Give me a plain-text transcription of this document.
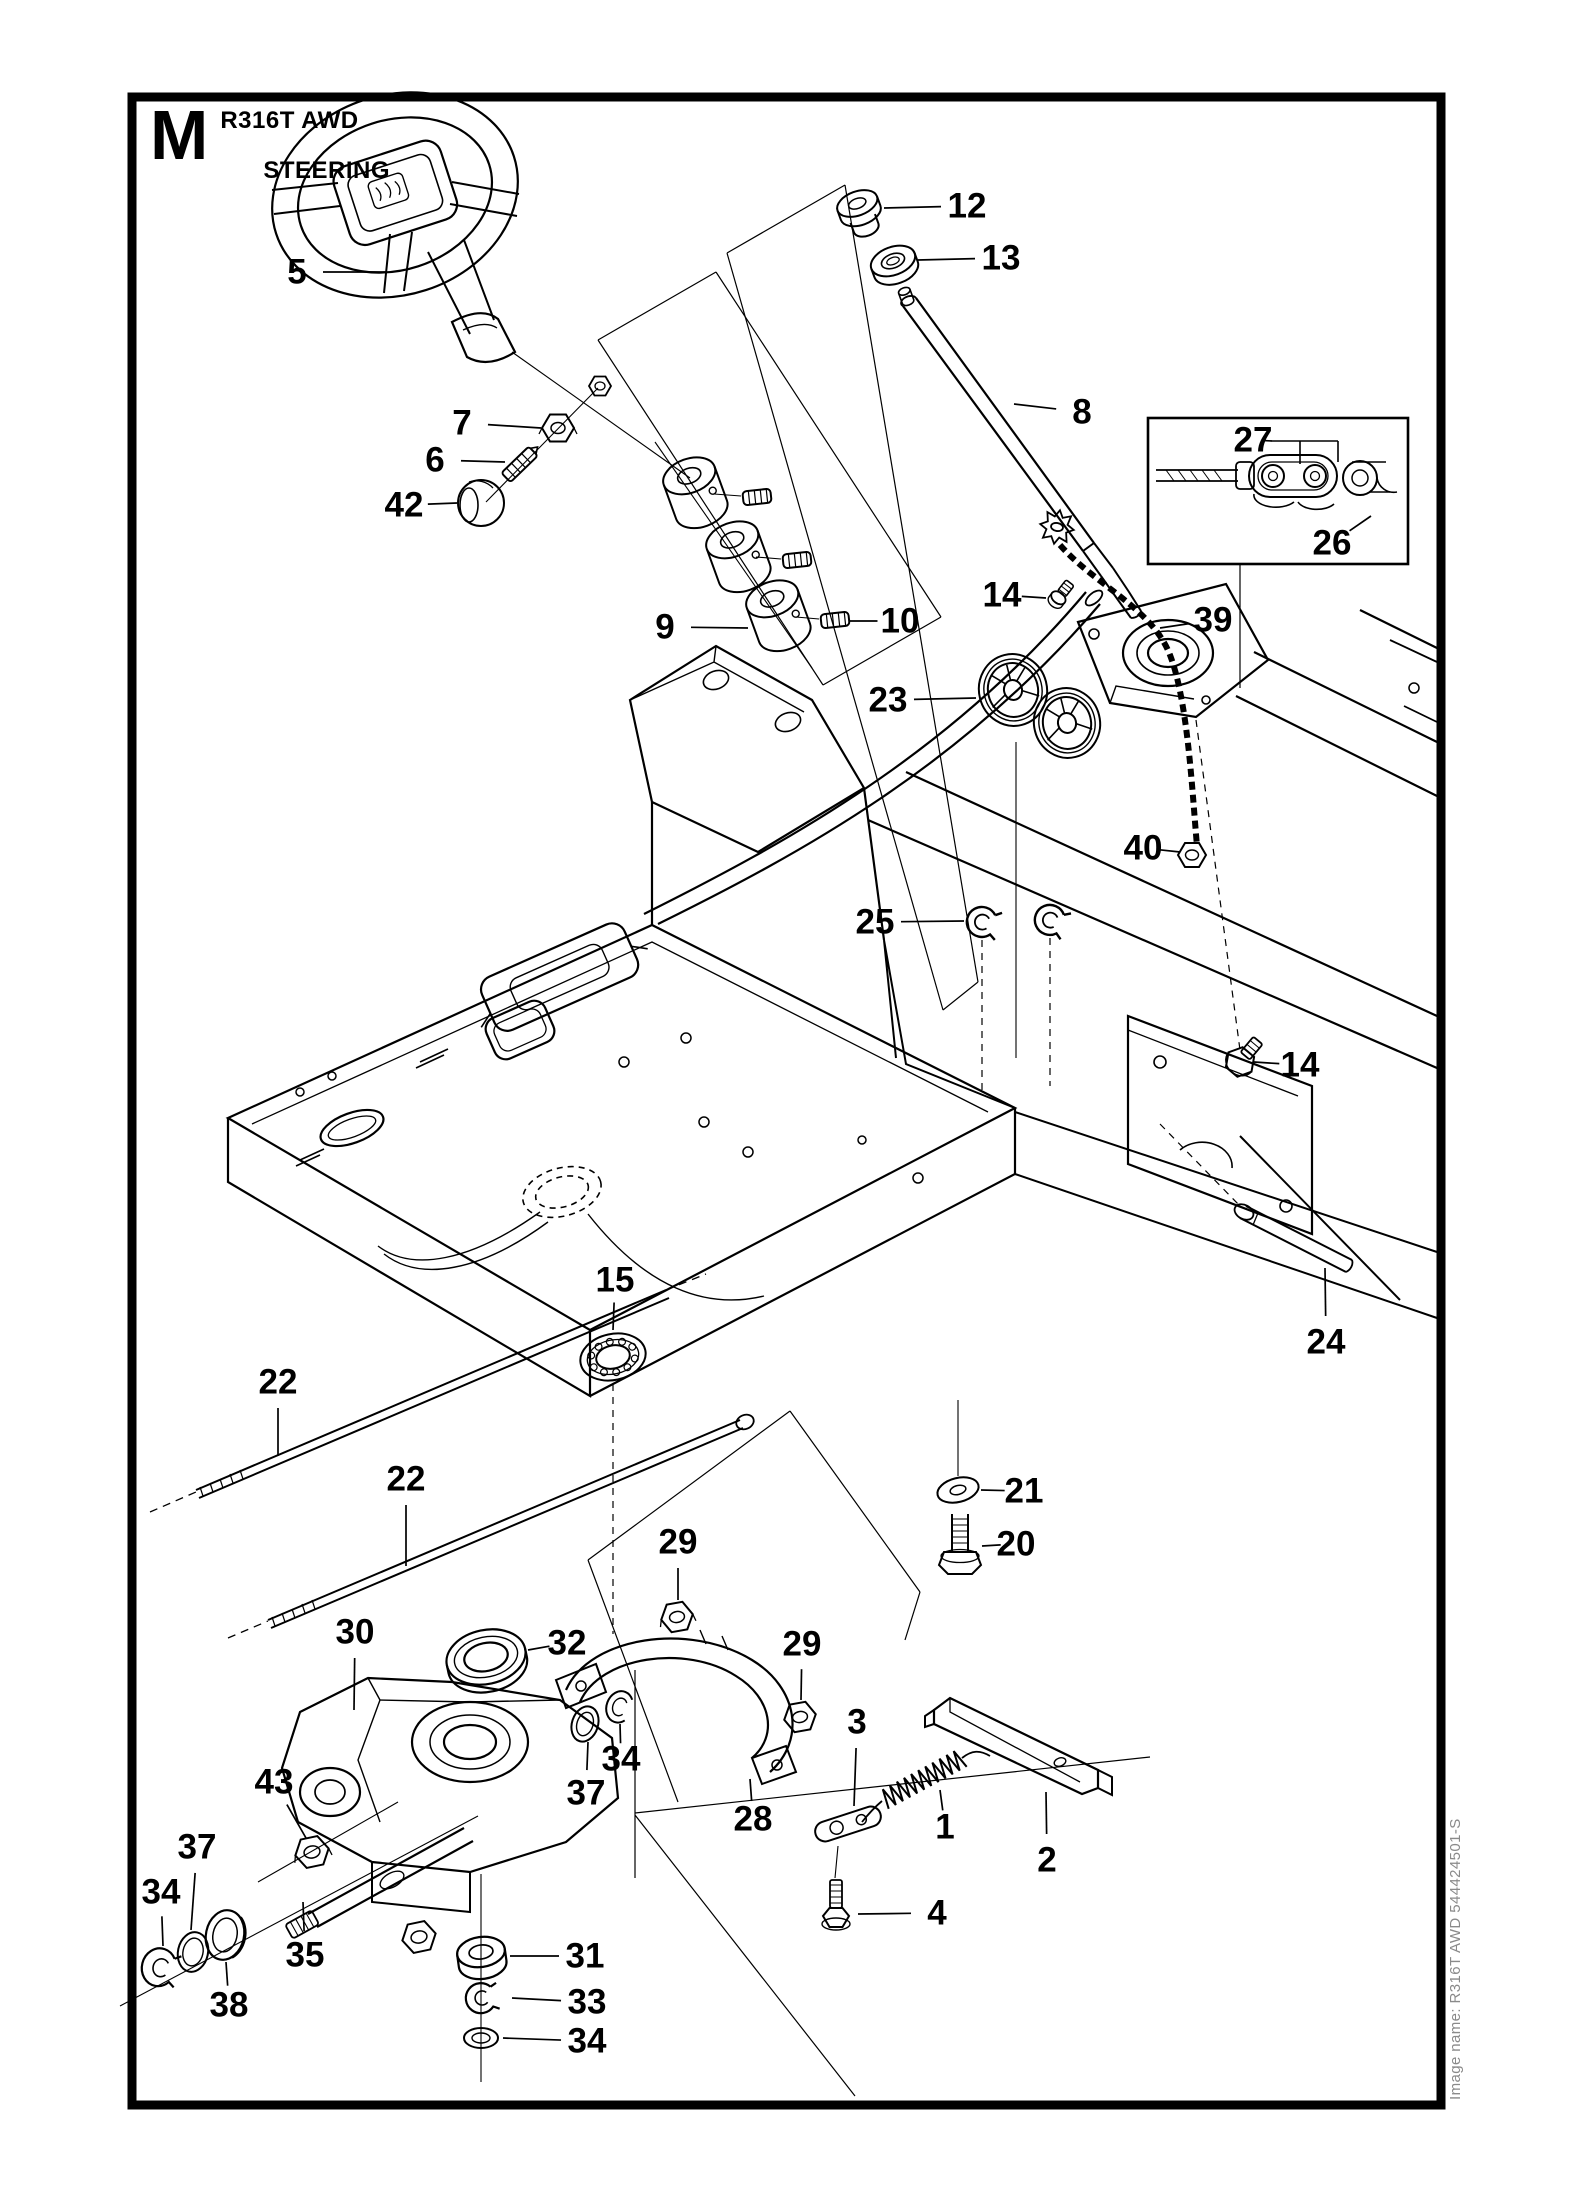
5
12
13
8
7
6
42
9	10
14
39
27
26
23
40
25
14
24
15
22
22	21
20
29
29
32
30
43
37
34
38
35
37
34
28
3
1
2
4
31
33
34
M R316T AWD

STEERING
Image name: R316T AWD 544424501-S
